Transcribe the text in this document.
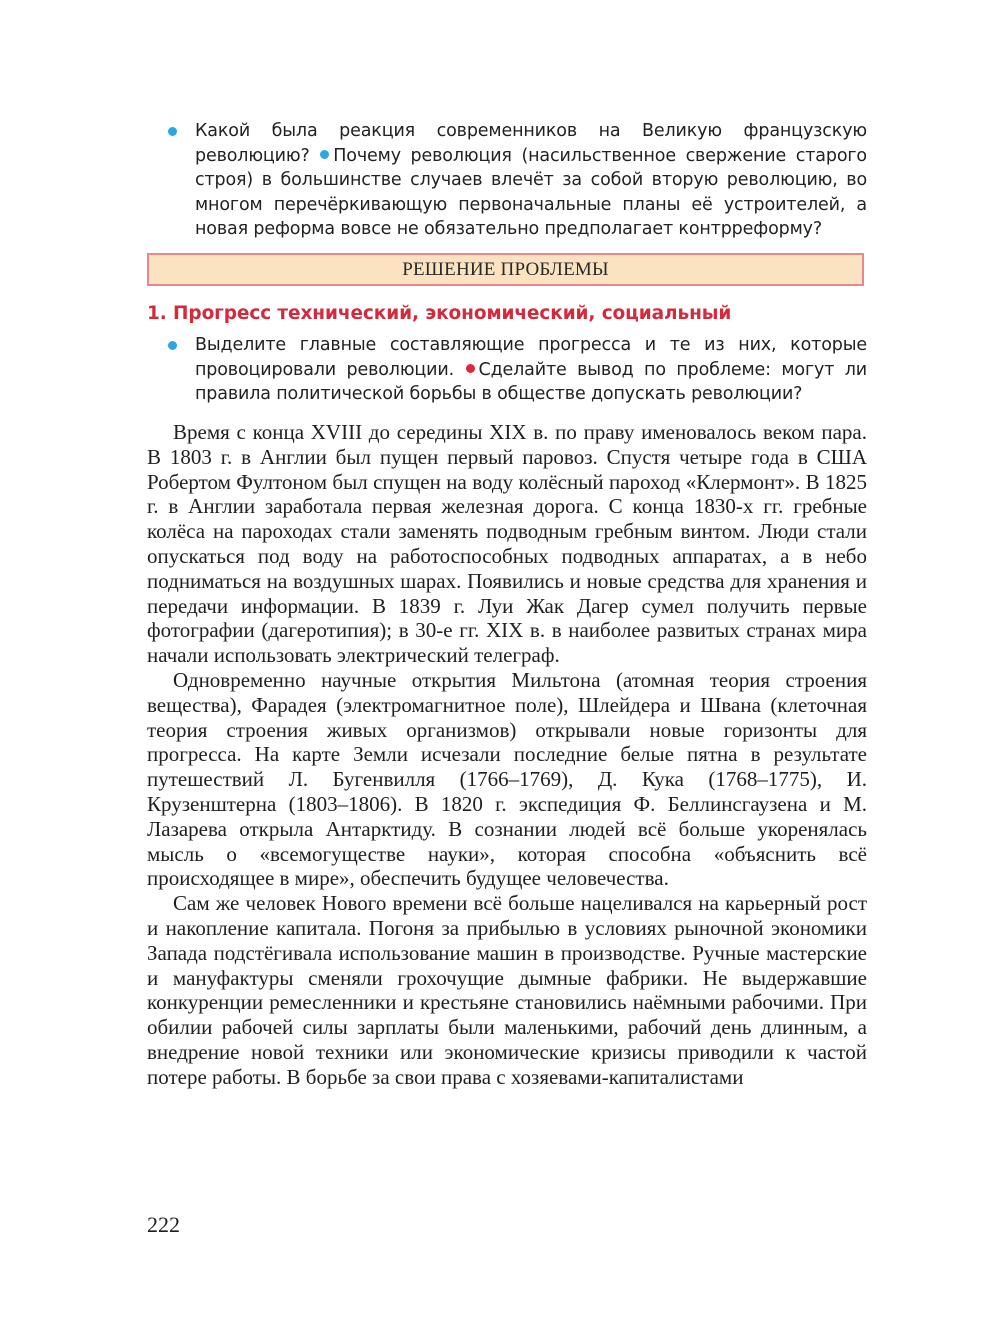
Какой была реакция современников на Великую французскую революцию? Почему революция (насильственное свержение старого строя) в большинстве случаев влечёт за собой вторую революцию, во многом перечёркивающую первоначальные планы её устроителей, а новая реформа вовсе не обязательно предполагает контрреформу?
РЕШЕНИЕ ПРОБЛЕМЫ
1. Прогресс технический, экономический, социальный
Выделите главные составляющие прогресса и те из них, которые провоцировали революции. Сделайте вывод по проблеме: могут ли правила политической борьбы в обществе допускать революции?

Время с конца XVIII до середины XIX в. по праву именовалось веком пара. В 1803 г. в Англии был пущен первый паровоз. Спустя четыре года в США Робертом Фултоном был спущен на воду колёсный пароход «Клермонт». В 1825 г. в Англии заработала первая железная дорога. С конца 1830-х гг. гребные колёса на пароходах стали заменять подводным гребным винтом. Люди стали опускаться под воду на работоспособных подводных аппаратах, а в небо подниматься на воздушных шарах. Появились и новые средства для хранения и передачи информации. В 1839 г. Луи Жак Дагер сумел получить первые фотографии (дагеротипия); в 30-е гг. XIX в. в наиболее развитых странах мира начали использовать электрический телеграф.

Одновременно научные открытия Мильтона (атомная теория строения вещества), Фарадея (электромагнитное поле), Шлейдера и Швана (клеточная теория строения живых организмов) открывали новые горизонты для прогресса. На карте Земли исчезали последние белые пятна в результате путешествий Л. Бугенвилля (1766–1769), Д. Кука (1768–1775), И. Крузенштерна (1803–1806). В 1820 г. экспедиция Ф. Беллинсгаузена и М. Лазарева открыла Антарктиду. В сознании людей всё больше укоренялась мысль о «всемогуществе науки», которая способна «объяснить всё происходящее в мире», обеспечить будущее человечества.

Сам же человек Нового времени всё больше нацеливался на карьерный рост и накопление капитала. Погоня за прибылью в условиях рыночной экономики Запада подстёгивала использование машин в производстве. Ручные мастерские и мануфактуры сменяли грохочущие дымные фабрики. Не выдержавшие конкуренции ремесленники и крестьяне становились наёмными рабочими. При обилии рабочей силы зарплаты были маленькими, рабочий день длинным, а внедрение новой техники или экономические кризисы приводили к частой потере работы. В борьбе за свои права с хозяевами-капиталистами

222
